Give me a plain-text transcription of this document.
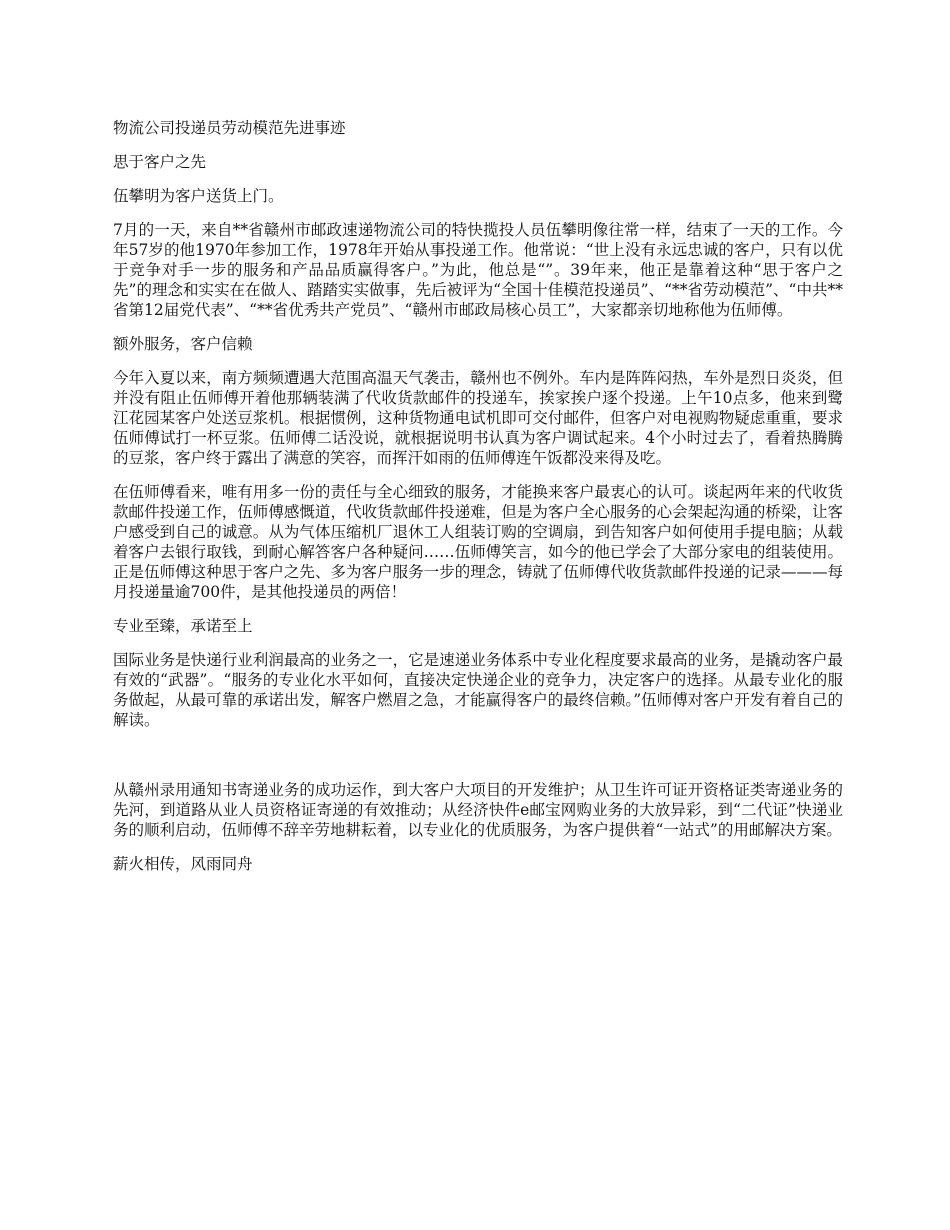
物流公司投递员劳动模范先进事迹

思于客户之先

伍攀明为客户送货上门。

7月的一天，来自**省赣州市邮政速递物流公司的特快揽投人员伍攀明像往常一样，结束了一天的工作。今年57岁的他1970年参加工作，1978年开始从事投递工作。他常说：“世上没有永远忠诚的客户，只有以优于竞争对手一步的服务和产品品质赢得客户。”为此，他总是“”。39年来，他正是靠着这种“思于客户之先”的理念和实实在在做人、踏踏实实做事，先后被评为“全国十佳模范投递员”、“**省劳动模范”、“中共**省第12届党代表”、“**省优秀共产党员”、“赣州市邮政局核心员工”，大家都亲切地称他为伍师傅。

额外服务，客户信赖

今年入夏以来，南方频频遭遇大范围高温天气袭击，赣州也不例外。车内是阵阵闷热，车外是烈日炎炎，但并没有阻止伍师傅开着他那辆装满了代收货款邮件的投递车，挨家挨户逐个投递。上午10点多，他来到鹭江花园某客户处送豆浆机。根据惯例，这种货物通电试机即可交付邮件，但客户对电视购物疑虑重重，要求伍师傅试打一杯豆浆。伍师傅二话没说，就根据说明书认真为客户调试起来。4个小时过去了，看着热腾腾的豆浆，客户终于露出了满意的笑容，而挥汗如雨的伍师傅连午饭都没来得及吃。

在伍师傅看来，唯有用多一份的责任与全心细致的服务，才能换来客户最衷心的认可。谈起两年来的代收货款邮件投递工作，伍师傅感慨道，代收货款邮件投递难，但是为客户全心服务的心会架起沟通的桥梁，让客户感受到自己的诚意。从为气体压缩机厂退休工人组装订购的空调扇，到告知客户如何使用手提电脑；从载着客户去银行取钱，到耐心解答客户各种疑问……伍师傅笑言，如今的他已学会了大部分家电的组装使用。正是伍师傅这种思于客户之先、多为客户服务一步的理念，铸就了伍师傅代收货款邮件投递的记录———每月投递量逾700件，是其他投递员的两倍！

专业至臻，承诺至上

国际业务是快递行业利润最高的业务之一，它是速递业务体系中专业化程度要求最高的业务，是撬动客户最有效的“武器”。“服务的专业化水平如何，直接决定快递企业的竞争力，决定客户的选择。从最专业化的服务做起，从最可靠的承诺出发，解客户燃眉之急，才能赢得客户的最终信赖。”伍师傅对客户开发有着自己的解读。

从赣州录用通知书寄递业务的成功运作，到大客户大项目的开发维护；从卫生许可证开资格证类寄递业务的先河，到道路从业人员资格证寄递的有效推动；从经济快件e邮宝网购业务的大放异彩，到“二代证”快递业务的顺利启动，伍师傅不辞辛劳地耕耘着，以专业化的优质服务，为客户提供着“一站式”的用邮解决方案。

薪火相传，风雨同舟
